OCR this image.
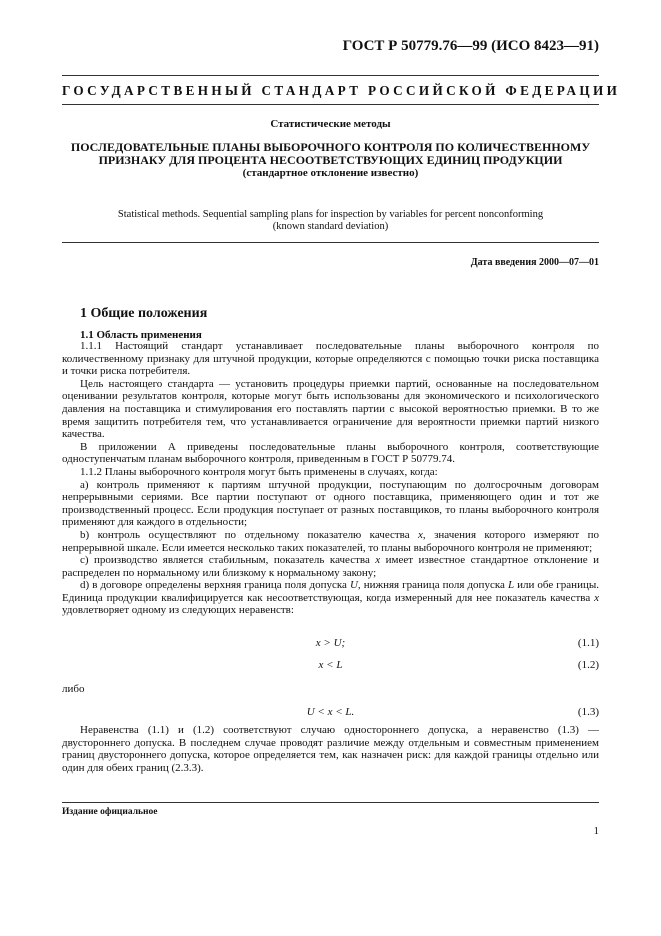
ГОСТ Р 50779.76—99 (ИСО 8423—91)
ГОСУДАРСТВЕННЫЙ СТАНДАРТ РОССИЙСКОЙ ФЕДЕРАЦИИ
Статистические методы
ПОСЛЕДОВАТЕЛЬНЫЕ ПЛАНЫ ВЫБОРОЧНОГО КОНТРОЛЯ ПО КОЛИЧЕСТВЕННОМУ
ПРИЗНАКУ ДЛЯ ПРОЦЕНТА НЕСООТВЕТСТВУЮЩИХ ЕДИНИЦ ПРОДУКЦИИ
(стандартное отклонение известно)
Statistical methods. Sequential sampling plans for inspection by variables for percent nonconforming
(known standard deviation)
Дата введения 2000—07—01
1 Общие положения
1.1 Область применения

1.1.1 Настоящий стандарт устанавливает последовательные планы выборочного контроля по количественному признаку для штучной продукции, которые определяются с помощью точки риска поставщика и точки риска потребителя.

Цель настоящего стандарта — установить процедуры приемки партий, основанные на последовательном оценивании результатов контроля, которые могут быть использованы для экономического и психологического давления на поставщика и стимулирования его поставлять партии с высокой вероятностью приемки. В то же время защитить потребителя тем, что устанавливается ограничение для вероятности приемки партий низкого качества.

В приложении А приведены последовательные планы выборочного контроля, соответствующие одноступенчатым планам выборочного контроля, приведенным в ГОСТ Р 50779.74.

1.1.2 Планы выборочного контроля могут быть применены в случаях, когда:

а) контроль применяют к партиям штучной продукции, поступающим по долгосрочным договорам непрерывными сериями. Все партии поступают от одного поставщика, применяющего один и тот же производственный процесс. Если продукция поступает от разных поставщиков, то планы выборочного контроля применяют для каждого в отдельности;

b) контроль осуществляют по отдельному показателю качества x, значения которого измеряют по непрерывной шкале. Если имеется несколько таких показателей, то планы выборочного контроля не применяют;

с) производство является стабильным, показатель качества x имеет известное стандартное отклонение и распределен по нормальному или близкому к нормальному закону;

d) в договоре определены верхняя граница поля допуска U, нижняя граница поля допуска L или обе границы. Единица продукции квалифицируется как несоответствующая, когда измеренный для нее показатель качества x удовлетворяет одному из следующих неравенств:

x > U;	(1.1)
x < L	(1.2)
либо
U < x < L.	(1.3)

Неравенства (1.1) и (1.2) соответствуют случаю одностороннего допуска, а неравенство (1.3) — двустороннего допуска. В последнем случае проводят различие между отдельным и совместным применением границ двустороннего допуска, которое определяется тем, как назначен риск: для каждой границы отдельно или один для обеих границ (2.3.3).

Издание официальное
1
